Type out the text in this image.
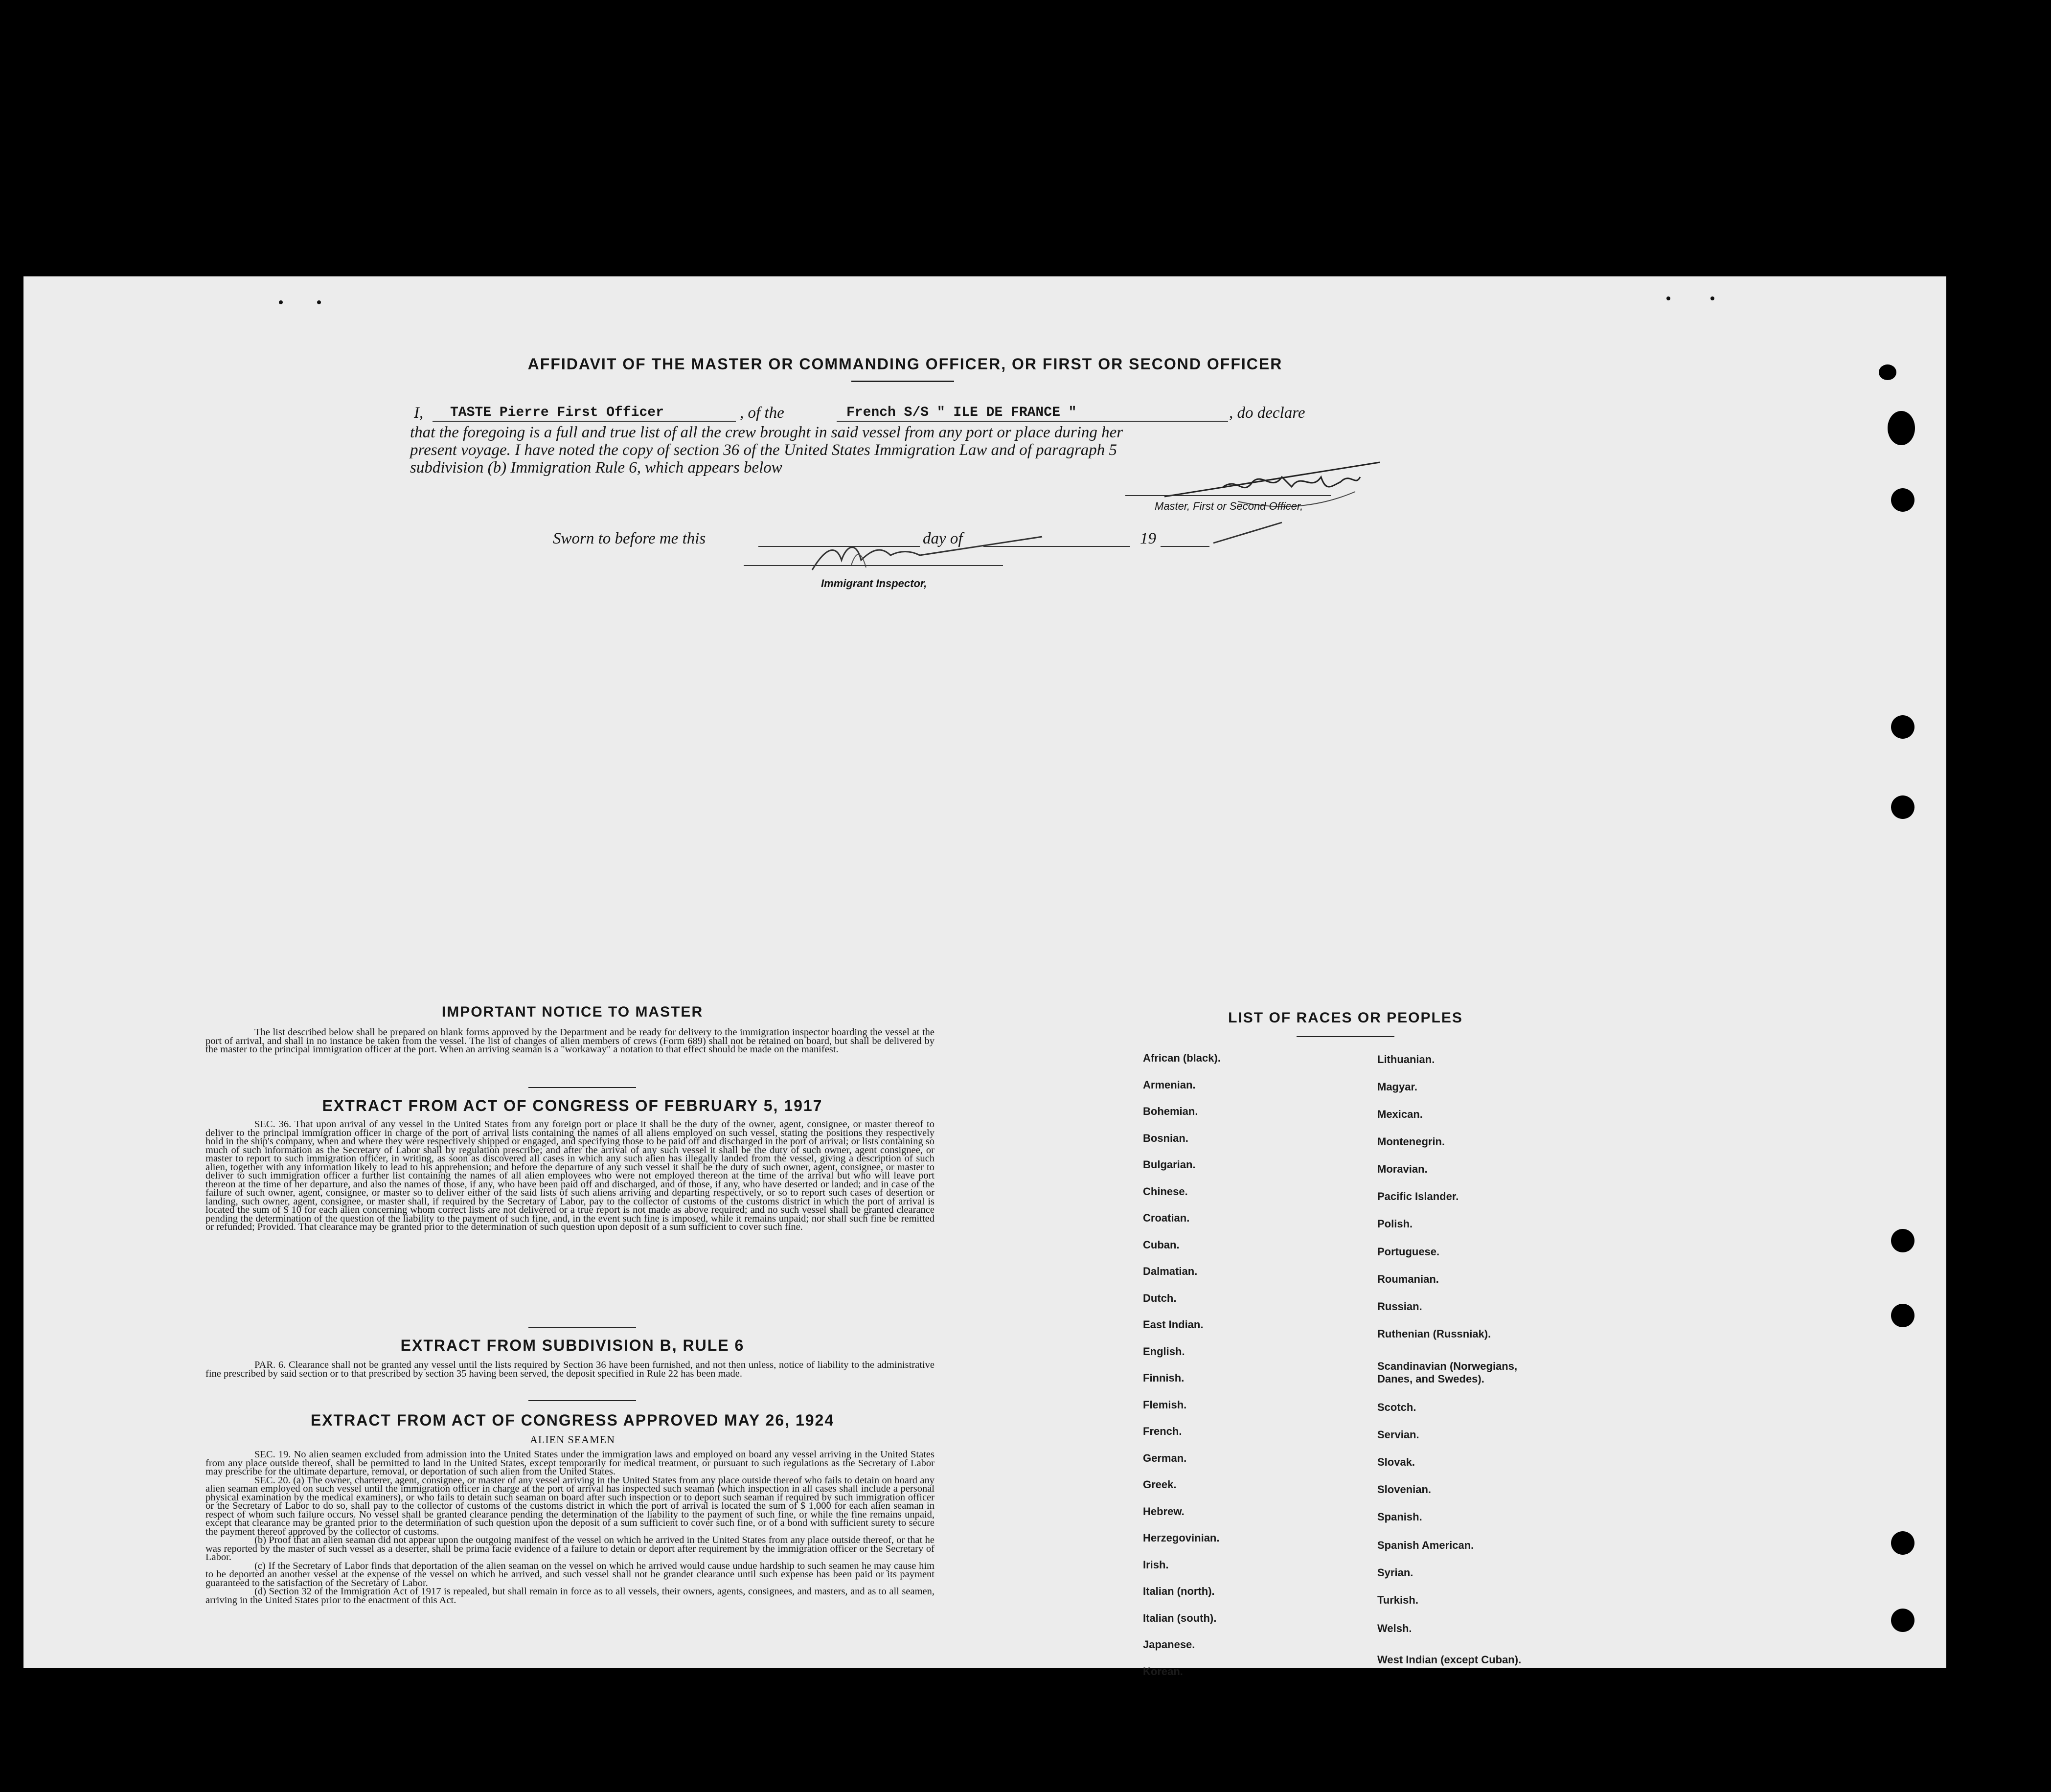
AFFIDAVIT OF THE MASTER OR COMMANDING OFFICER, OR FIRST OR SECOND OFFICER
I, TASTE Pierre First Officer	, of the	French S/S " ILE DE FRANCE "	, do declare
that the foregoing is a full and true list of all the crew brought in said vessel from any port or place during her
present voyage. I have noted the copy of section 36 of the United States Immigration Law and of paragraph 5
subdivision (b) Immigration Rule 6, which appears below
Master, First or Second Officer,
Sworn to before me this	day of	19
Immigrant Inspector,
IMPORTANT NOTICE TO MASTER

The list described below shall be prepared on blank forms approved by the Department and be ready for delivery to the immigration inspector boarding the vessel at the port of arrival, and shall in no instance be taken from the vessel. The list of changes of alien members of crews (Form 689) shall not be retained on board, but shall be delivered by the master to the principal immigration officer at the port. When an arriving seaman is a "workaway" a notation to that effect should be made on the manifest.

EXTRACT FROM ACT OF CONGRESS OF FEBRUARY 5, 1917

SEC. 36. That upon arrival of any vessel in the United States from any foreign port or place it shall be the duty of the owner, agent, consignee, or master thereof to deliver to the principal immigration officer in charge of the port of arrival lists containing the names of all aliens employed on such vessel, stating the positions they respectively hold in the ship's company, when and where they were respectively shipped or engaged, and specifying those to be paid off and discharged in the port of arrival; or lists containing so much of such information as the Secretary of Labor shall by regulation prescribe; and after the arrival of any such vessel it shall be the duty of such owner, agent consignee, or master to report to such immigration officer, in writing, as soon as discovered all cases in which any such alien has illegally landed from the vessel, giving a description of such alien, together with any information likely to lead to his apprehension; and before the departure of any such vessel it shall be the duty of such owner, agent, consignee, or master to deliver to such immigration officer a further list containing the names of all alien employees who were not employed thereon at the time of the arrival but who will leave port thereon at the time of her departure, and also the names of those, if any, who have been paid off and discharged, and of those, if any, who have deserted or landed; and in case of the failure of such owner, agent, consignee, or master so to deliver either of the said lists of such aliens arriving and departing respectively, or so to report such cases of desertion or landing, such owner, agent, consignee, or master shall, if required by the Secretary of Labor, pay to the collector of customs of the customs district in which the port of arrival is located the sum of $ 10 for each alien concerning whom correct lists are not delivered or a true report is not made as above required; and no such vessel shall be granted clearance pending the determination of the question of the liability to the payment of such fine, and, in the event such fine is imposed, while it remains unpaid; nor shall such fine be remitted or refunded; Provided. That clearance may be granted prior to the determination of such question upon deposit of a sum sufficient to cover such fine.

EXTRACT FROM SUBDIVISION B, RULE 6

PAR. 6. Clearance shall not be granted any vessel until the lists required by Section 36 have been furnished, and not then unless, notice of liability to the administrative fine prescribed by said section or to that prescribed by section 35 having been served, the deposit specified in Rule 22 has been made.

EXTRACT FROM ACT OF CONGRESS APPROVED MAY 26, 1924
ALIEN SEAMEN

SEC. 19. No alien seamen excluded from admission into the United States under the immigration laws and employed on board any vessel arriving in the United States from any place outside thereof, shall be permitted to land in the United States, except temporarily for medical treatment, or pursuant to such regulations as the Secretary of Labor may prescribe for the ultimate departure, removal, or deportation of such alien from the United States.

SEC. 20. (a) The owner, charterer, agent, consignee, or master of any vessel arriving in the United States from any place outside thereof who fails to detain on board any alien seaman employed on such vessel until the immigration officer in charge at the port of arrival has inspected such seaman (which inspection in all cases shall include a personal physical examination by the medical examiners), or who fails to detain such seaman on board after such inspection or to deport such seaman if required by such immigration officer or the Secretary of Labor to do so, shall pay to the collector of customs of the customs district in which the port of arrival is located the sum of $ 1,000 for each alien seaman in respect of whom such failure occurs. No vessel shall be granted clearance pending the determination of the liability to the payment of such fine, or while the fine remains unpaid, except that clearance may be granted prior to the determination of such question upon the deposit of a sum sufficient to cover such fine, or of a bond with sufficient surety to secure the payment thereof approved by the collector of customs.

(b) Proof that an alien seaman did not appear upon the outgoing manifest of the vessel on which he arrived in the United States from any place outside thereof, or that he was reported by the master of such vessel as a deserter, shall be prima facie evidence of a failure to detain or deport after requirement by the immigration officer or the Secretary of Labor.

(c) If the Secretary of Labor finds that deportation of the alien seaman on the vessel on which he arrived would cause undue hardship to such seamen he may cause him to be deported an another vessel at the expense of the vessel on which he arrived, and such vessel shall not be grandet clearance until such expense has been paid or its payment guaranteed to the satisfaction of the Secretary of Labor.

(d) Section 32 of the Immigration Act of 1917 is repealed, but shall remain in force as to all vessels, their owners, agents, consignees, and masters, and as to all seamen, arriving in the United States prior to the enactment of this Act.

LIST OF RACES OR PEOPLES
African (black).
Armenian.
Bohemian.
Bosnian.
Bulgarian.
Chinese.
Croatian.
Cuban.
Dalmatian.
Dutch.
East Indian.
English.
Finnish.
Flemish.
French.
German.
Greek.
Hebrew.
Herzegovinian.
Irish.
Italian (north).
Italian (south).
Japanese.
Korean.
Lithuanian.
Magyar.
Mexican.
Montenegrin.
Moravian.
Pacific Islander.
Polish.
Portuguese.
Roumanian.
Russian.
Ruthenian (Russniak).
Scandinavian (Norwegians, Danes, and Swedes).
Scotch.
Servian.
Slovak.
Slovenian.
Spanish.
Spanish American.
Syrian.
Turkish.
Welsh.
West Indian (except Cuban).
